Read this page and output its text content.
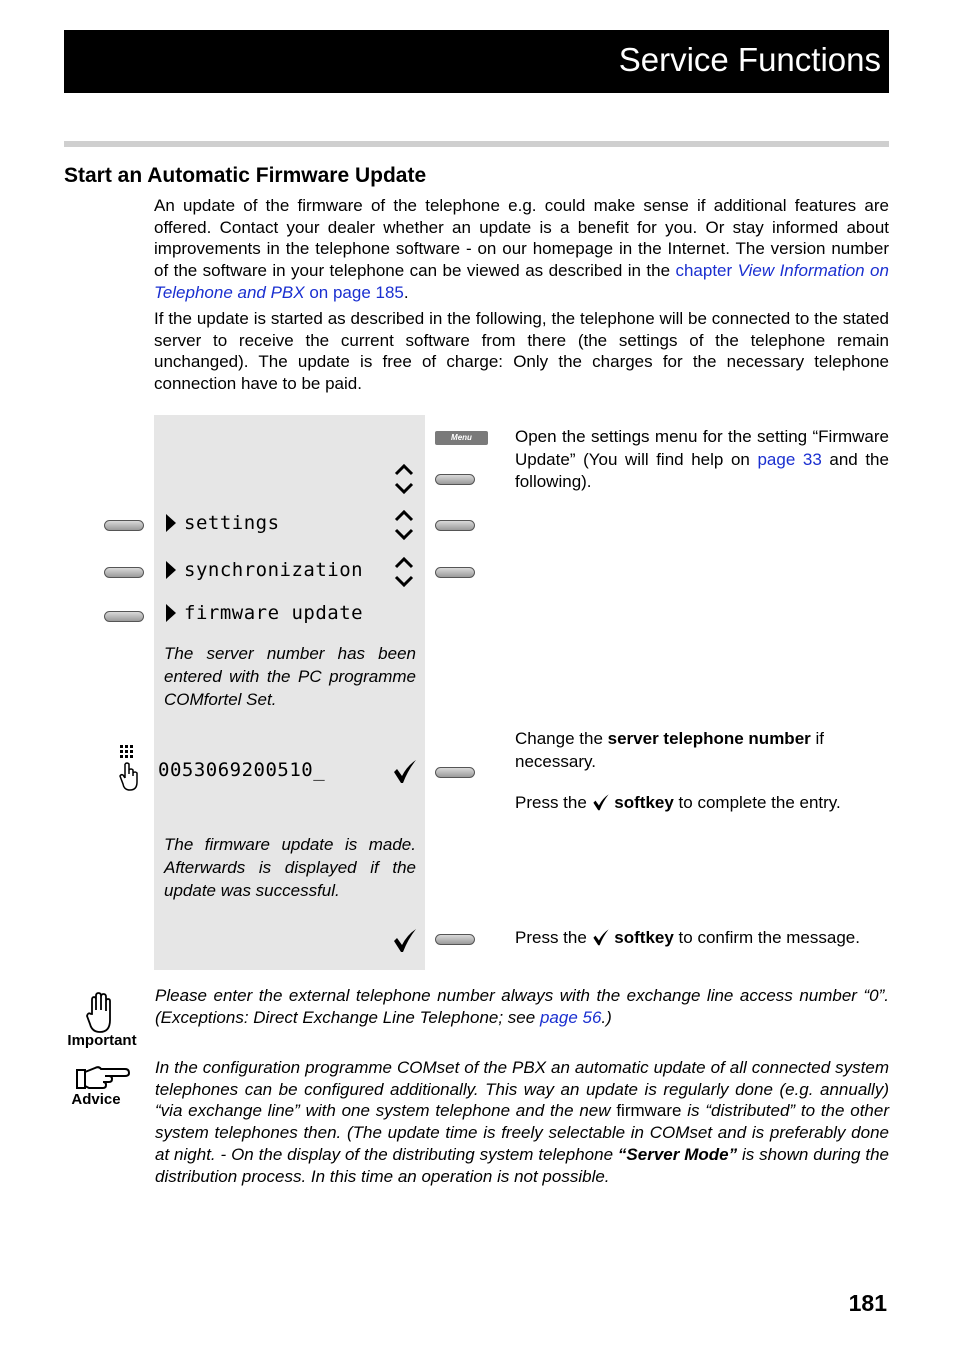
Service Functions
Start an Automatic Firmware Update
An update of the firmware of the telephone e.g. could make sense if additional features are offered. Contact your dealer whether an update is a benefit for you. Or stay informed about improvements in the telephone software - on our homepage in the Internet. The version number of the software in your telephone can be viewed as described in the chapter View Information on Telephone and PBX on page 185.
If the update is started as described in the following, the telephone will be connected to the stated server to receive the current software from there (the settings of the telephone remain unchanged). The update is free of charge: Only the charges for the necessary telephone connection have to be paid.
Menu
settings
synchronization
firmware update
The server number has been entered with the PC programme COMfortel Set.
005306920051​0_
The firmware update is made. Afterwards is displayed if the update was successful.
Open the settings menu for the setting “Firmware Update” (You will find help on page 33 and the following).
Change the server telephone number if necessary.
Press the softkey to complete the entry.
Press the softkey to confirm the message.
Important
Please enter the external telephone number always with the exchange line access number “0”. (Exceptions: Direct Exchange Line Telephone; see page 56.)
Advice
In the configuration programme COMset of the PBX an automatic update of all connected system telephones can be configured additionally. This way an update is regularly done (e.g. annually) “via exchange line” with one system telephone and the new firmware is “distributed” to the other system telephones then. (The update time is freely selectable in COMset and is preferably done at night. - On the display of the distributing system telephone “Server Mode” is shown during the distribution process. In this time an operation is not possible.
181
